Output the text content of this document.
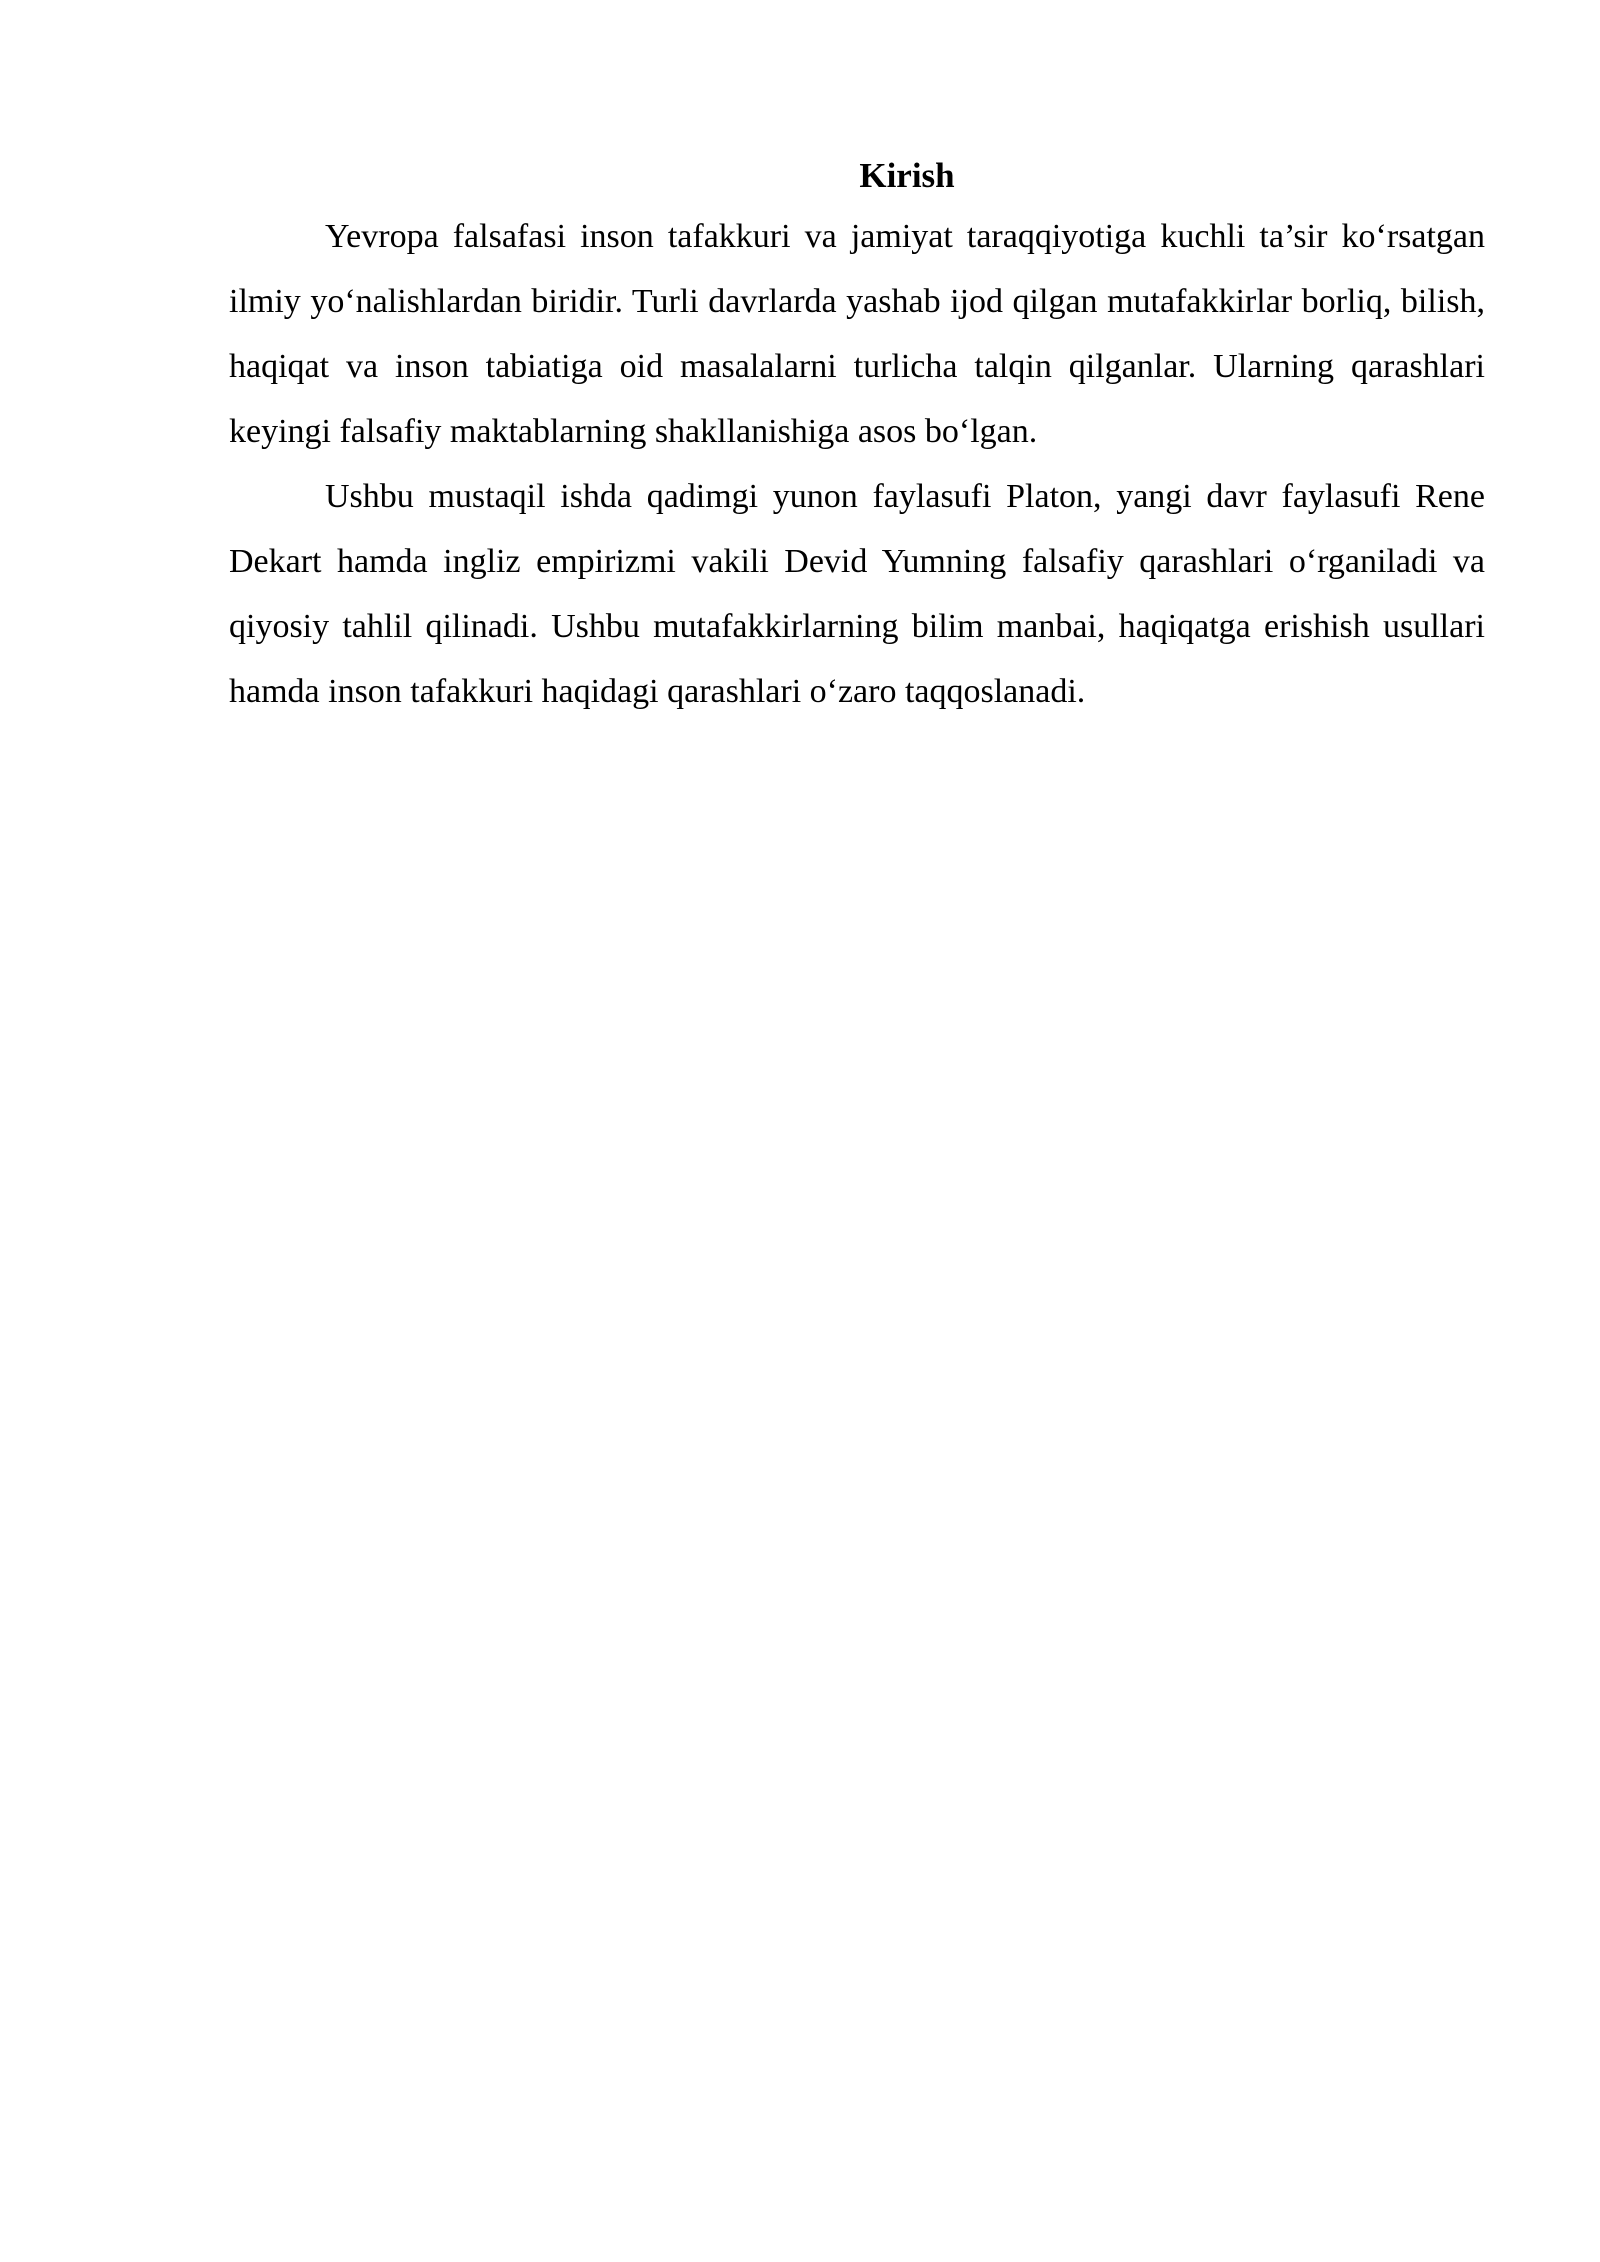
Kirish

Yevropa falsafasi inson tafakkuri va jamiyat taraqqiyotiga kuchli ta’sir ko‘rsatgan ilmiy yo‘nalishlardan biridir. Turli davrlarda yashab ijod qilgan mutafakkirlar borliq, bilish, haqiqat va inson tabiatiga oid masalalarni turlicha talqin qilganlar. Ularning qarashlari keyingi falsafiy maktablarning shakllanishiga asos bo‘lgan.

Ushbu mustaqil ishda qadimgi yunon faylasufi Platon, yangi davr faylasufi Rene Dekart hamda ingliz empirizmi vakili Devid Yumning falsafiy qarashlari o‘rganiladi va qiyosiy tahlil qilinadi. Ushbu mutafakkirlarning bilim manbai, haqiqatga erishish usullari hamda inson tafakkuri haqidagi qarashlari o‘zaro taqqoslanadi.
